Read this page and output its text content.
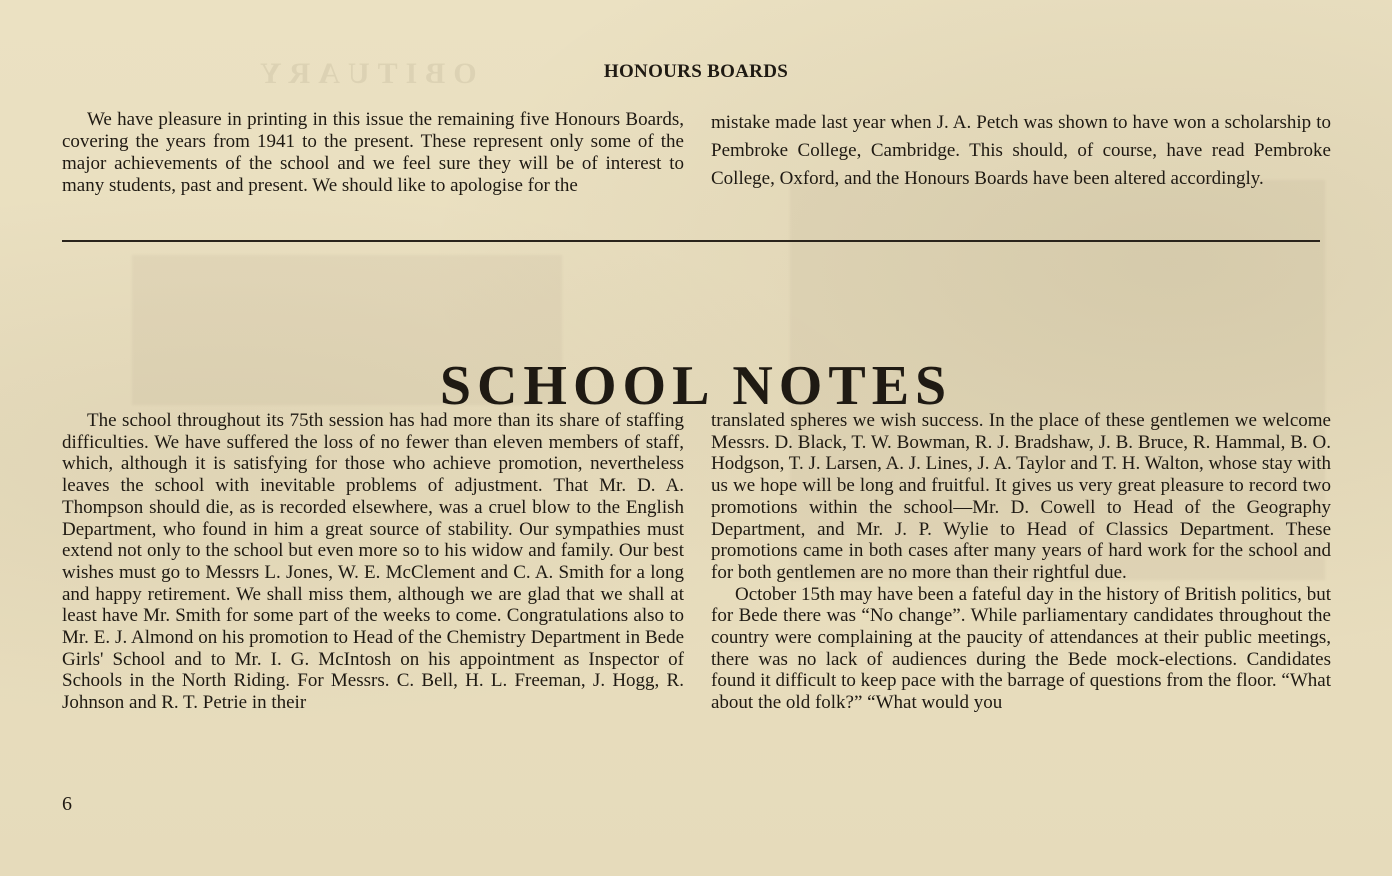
OBITUARY	HONOURS BOARDS

We have pleasure in printing in this issue the remaining five Honours Boards, covering the years from 1941 to the present. These represent only some of the major achievements of the school and we feel sure they will be of interest to many students, past and present. We should like to apologise for the

mistake made last year when J. A. Petch was shown to have won a scholarship to Pembroke College, Cambridge. This should, of course, have read Pembroke College, Oxford, and the Honours Boards have been altered accordingly.

SCHOOL NOTES

The school throughout its 75th session has had more than its share of staffing difficulties. We have suffered the loss of no fewer than eleven members of staff, which, although it is satisfying for those who achieve promotion, nevertheless leaves the school with inevitable problems of adjustment. That Mr. D. A. Thompson should die, as is recorded elsewhere, was a cruel blow to the English Department, who found in him a great source of stability. Our sympathies must extend not only to the school but even more so to his widow and family. Our best wishes must go to Messrs L. Jones, W. E. McClement and C. A. Smith for a long and happy retirement. We shall miss them, although we are glad that we shall at least have Mr. Smith for some part of the weeks to come. Congratulations also to Mr. E. J. Almond on his promotion to Head of the Chemistry Department in Bede Girls' School and to Mr. I. G. McIntosh on his appointment as Inspector of Schools in the North Riding. For Messrs. C. Bell, H. L. Freeman, J. Hogg, R. Johnson and R. T. Petrie in their

translated spheres we wish success. In the place of these gentlemen we welcome Messrs. D. Black, T. W. Bowman, R. J. Bradshaw, J. B. Bruce, R. Hammal, B. O. Hodgson, T. J. Larsen, A. J. Lines, J. A. Taylor and T. H. Walton, whose stay with us we hope will be long and fruitful. It gives us very great pleasure to record two promotions within the school—Mr. D. Cowell to Head of the Geography Department, and Mr. J. P. Wylie to Head of Classics Department. These promotions came in both cases after many years of hard work for the school and for both gentlemen are no more than their rightful due.

October 15th may have been a fateful day in the history of British politics, but for Bede there was “No change”. While parliamentary candidates throughout the country were complaining at the paucity of attendances at their public meetings, there was no lack of audiences during the Bede mock-elections. Candidates found it difficult to keep pace with the barrage of questions from the floor. “What about the old folk?” “What would you

6
